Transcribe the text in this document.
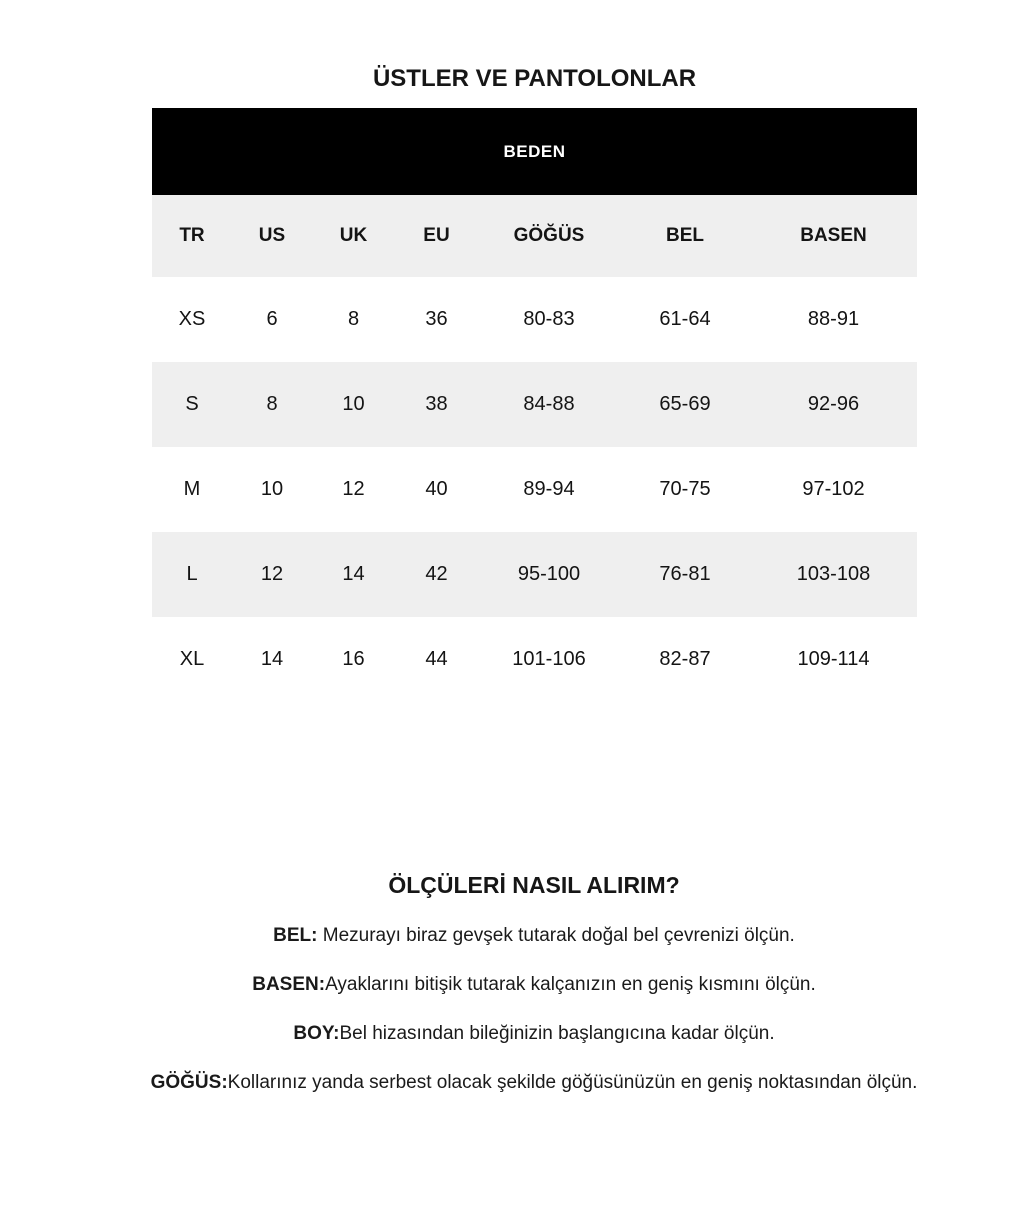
ÜSTLER VE PANTOLONLAR
BEDEN
TR	US	UK	EU	GÖĞÜS	BEL	BASEN
XS	6	8	36	80-83	61-64	88-91
S	8	10	38	84-88	65-69	92-96
M	10	12	40	89-94	70-75	97-102
L	12	14	42	95-100	76-81	103-108
XL	14	16	44	101-106	82-87	109-114
ÖLÇÜLERİ NASIL ALIRIM?

BEL: Mezurayı biraz gevşek tutarak doğal bel çevrenizi ölçün.

BASEN:Ayaklarını bitişik tutarak kalçanızın en geniş kısmını ölçün.

BOY:Bel hizasından bileğinizin başlangıcına kadar ölçün.

GÖĞÜS:Kollarınız yanda serbest olacak şekilde göğüsünüzün en geniş noktasından ölçün.
